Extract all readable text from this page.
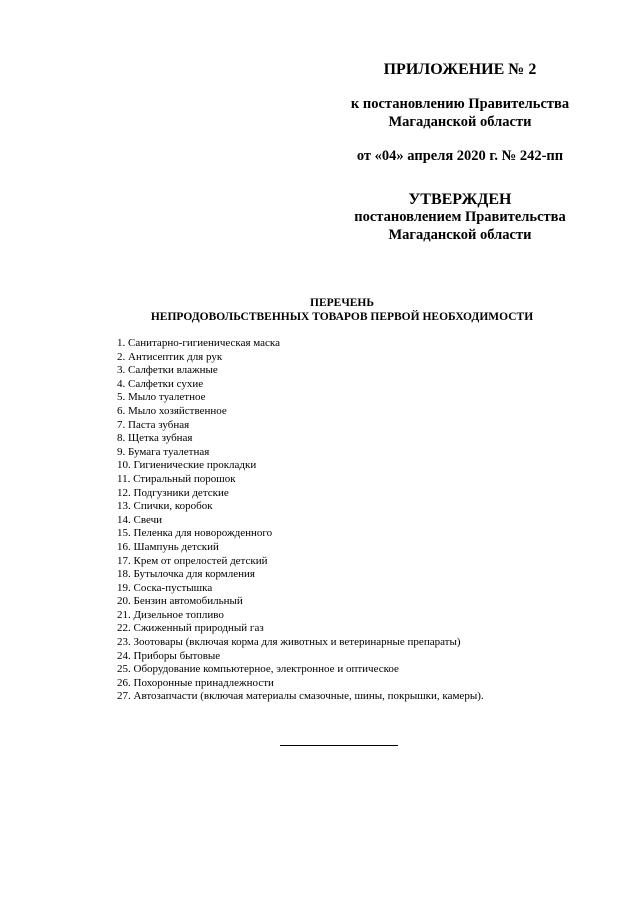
ПРИЛОЖЕНИЕ № 2
к постановлению Правительства
Магаданской области
от «04» апреля 2020 г. № 242-пп
УТВЕРЖДЕН
постановлением Правительства
Магаданской области
ПЕРЕЧЕНЬ
НЕПРОДОВОЛЬСТВЕННЫХ ТОВАРОВ ПЕРВОЙ НЕОБХОДИМОСТИ
1. Санитарно-гигиеническая маска
2. Антисептик для рук
3. Салфетки влажные
4. Салфетки сухие
5. Мыло туалетное
6. Мыло хозяйственное
7. Паста зубная
8. Щетка зубная
9. Бумага туалетная
10. Гигиенические прокладки
11. Стиральный порошок
12. Подгузники детские
13. Спички, коробок
14. Свечи
15. Пеленка для новорожденного
16. Шампунь детский
17. Крем от опрелостей детский
18. Бутылочка для кормления
19. Соска-пустышка
20. Бензин автомобильный
21. Дизельное топливо
22. Сжиженный природный газ
23. Зоотовары (включая корма для животных и ветеринарные препараты)
24. Приборы бытовые
25. Оборудование компьютерное, электронное и оптическое
26. Похоронные принадлежности
27. Автозапчасти (включая материалы смазочные, шины, покрышки, камеры).
